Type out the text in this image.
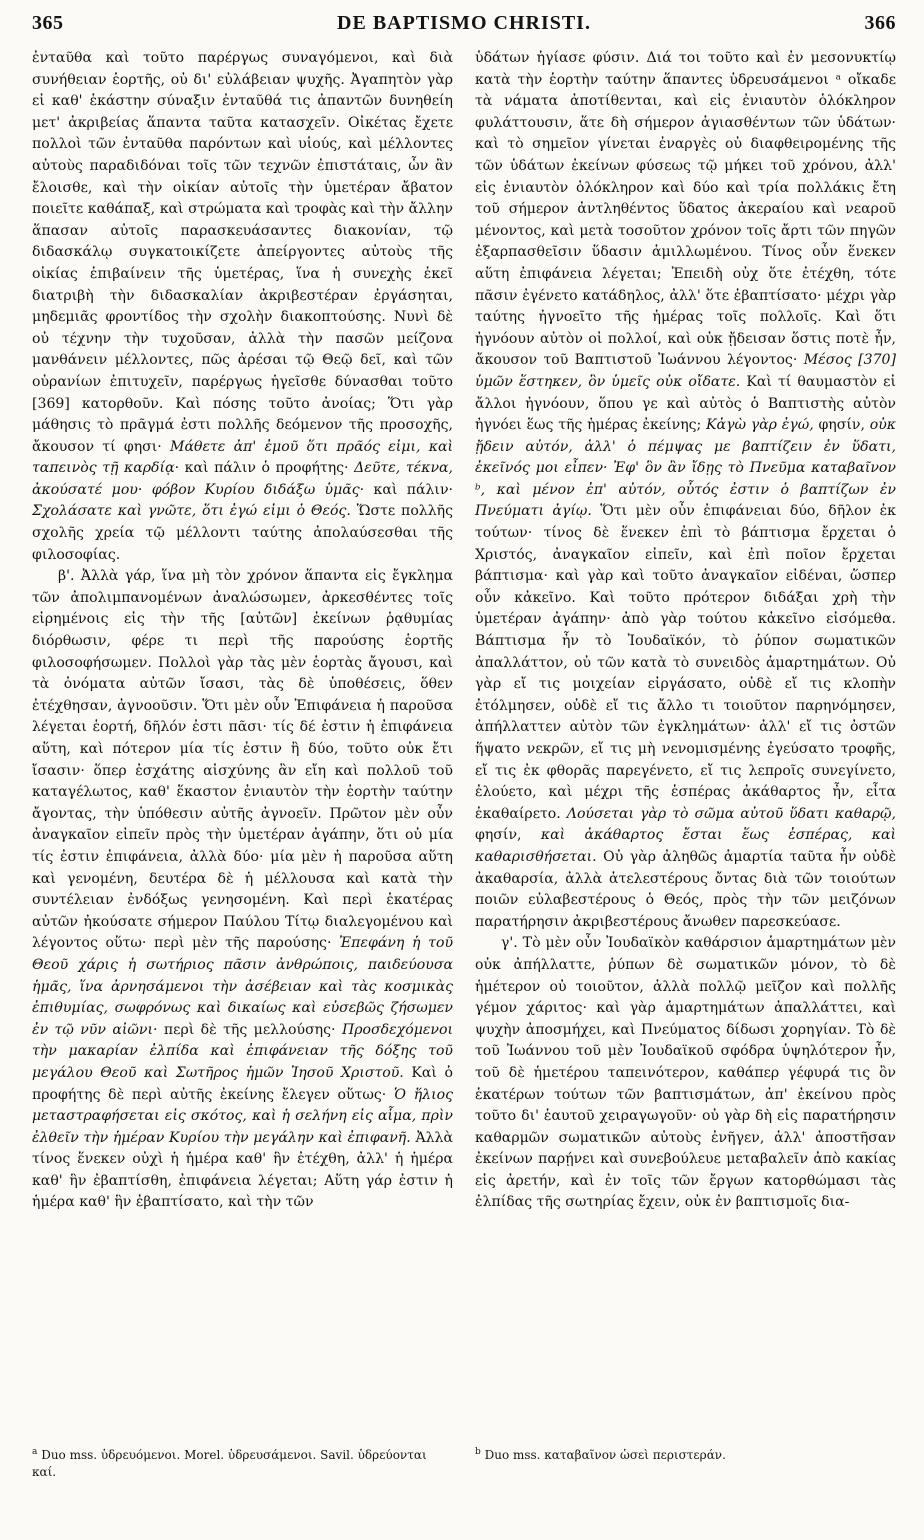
365	DE BAPTISMO CHRISTI.	366

ἐνταῦθα καὶ τοῦτο παρέργως συναγόμενοι, καὶ διὰ συνήθειαν ἑορτῆς, οὐ δι' εὐλάβειαν ψυχῆς. Ἀγαπητὸν γὰρ εἰ καθ' ἑκάστην σύναξιν ἐνταῦθά τις ἀπαντῶν δυνηθείη μετ' ἀκριβείας ἅπαντα ταῦτα κατασχεῖν. Οἰκέτας ἔχετε πολλοὶ τῶν ἐνταῦθα παρόντων καὶ υἱούς, καὶ μέλλοντες αὐτοὺς παραδιδόναι τοῖς τῶν τεχνῶν ἐπιστάταις, ὧν ἂν ἔλοισθε, καὶ τὴν οἰκίαν αὐτοῖς τὴν ὑμετέραν ἄβατον ποιεῖτε καθάπαξ, καὶ στρώματα καὶ τροφὰς καὶ τὴν ἄλλην ἅπασαν αὐτοῖς παρασκευάσαντες διακονίαν, τῷ διδασκάλῳ συγκατοικίζετε ἀπείργοντες αὐτοὺς τῆς οἰκίας ἐπιβαίνειν τῆς ὑμετέρας, ἵνα ἡ συνεχὴς ἐκεῖ διατριβὴ τὴν διδασκαλίαν ἀκριβεστέραν ἐργάσηται, μηδεμιᾶς φροντίδος τὴν σχολὴν διακοπτούσης. Νυνὶ δὲ οὐ τέχνην τὴν τυχοῦσαν, ἀλλὰ τὴν πασῶν μείζονα μανθάνειν μέλλοντες, πῶς ἀρέσαι τῷ Θεῷ δεῖ, καὶ τῶν οὐρανίων ἐπιτυχεῖν, παρέργως ἡγεῖσθε δύνασθαι τοῦτο [369] κατορθοῦν. Καὶ πόσης τοῦτο ἀνοίας; Ὅτι γὰρ μάθησις τὸ πρᾶγμά ἐστι πολλῆς δεόμενον τῆς προσοχῆς, ἄκουσον τί φησι· Μάθετε ἀπ' ἐμοῦ ὅτι πρᾶός εἰμι, καὶ ταπεινὸς τῇ καρδίᾳ· καὶ πάλιν ὁ προφήτης· Δεῦτε, τέκνα, ἀκούσατέ μου· φόβον Κυρίου διδάξω ὑμᾶς· καὶ πάλιν· Σχολάσατε καὶ γνῶτε, ὅτι ἐγώ εἰμι ὁ Θεός. Ὥστε πολλῆς σχολῆς χρεία τῷ μέλλοντι ταύτης ἀπολαύσεσθαι τῆς φιλοσοφίας.

β'. Ἀλλὰ γάρ, ἵνα μὴ τὸν χρόνον ἅπαντα εἰς ἔγκλημα τῶν ἀπολιμπανομένων ἀναλώσωμεν, ἀρκεσθέντες τοῖς εἰρημένοις εἰς τὴν τῆς [αὐτῶν] ἐκείνων ῥᾳθυμίας διόρθωσιν, φέρε τι περὶ τῆς παρούσης ἑορτῆς φιλοσοφήσωμεν. Πολλοὶ γὰρ τὰς μὲν ἑορτὰς ἄγουσι, καὶ τὰ ὀνόματα αὐτῶν ἴσασι, τὰς δὲ ὑποθέσεις, ὅθεν ἐτέχθησαν, ἀγνοοῦσιν. Ὅτι μὲν οὖν Ἐπιφάνεια ἡ παροῦσα λέγεται ἑορτή, δῆλόν ἐστι πᾶσι· τίς δέ ἐστιν ἡ ἐπιφάνεια αὕτη, καὶ πότερον μία τίς ἐστιν ἢ δύο, τοῦτο οὐκ ἔτι ἴσασιν· ὅπερ ἐσχάτης αἰσχύνης ἂν εἴη καὶ πολλοῦ τοῦ καταγέλωτος, καθ' ἕκαστον ἐνιαυτὸν τὴν ἑορτὴν ταύτην ἄγοντας, τὴν ὑπόθεσιν αὐτῆς ἀγνοεῖν. Πρῶτον μὲν οὖν ἀναγκαῖον εἰπεῖν πρὸς τὴν ὑμετέραν ἀγάπην, ὅτι οὐ μία τίς ἐστιν ἐπιφάνεια, ἀλλὰ δύο· μία μὲν ἡ παροῦσα αὕτη καὶ γενομένη, δευτέρα δὲ ἡ μέλλουσα καὶ κατὰ τὴν συντέλειαν ἐνδόξως γενησομένη. Καὶ περὶ ἑκατέρας αὐτῶν ἠκούσατε σήμερον Παύλου Τίτῳ διαλεγομένου καὶ λέγοντος οὕτω· περὶ μὲν τῆς παρούσης· Ἐπεφάνη ἡ τοῦ Θεοῦ χάρις ἡ σωτήριος πᾶσιν ἀνθρώποις, παιδεύουσα ἡμᾶς, ἵνα ἀρνησάμενοι τὴν ἀσέβειαν καὶ τὰς κοσμικὰς ἐπιθυμίας, σωφρόνως καὶ δικαίως καὶ εὐσεβῶς ζήσωμεν ἐν τῷ νῦν αἰῶνι· περὶ δὲ τῆς μελλούσης· Προσδεχόμενοι τὴν μακαρίαν ἐλπίδα καὶ ἐπιφάνειαν τῆς δόξης τοῦ μεγάλου Θεοῦ καὶ Σωτῆρος ἡμῶν Ἰησοῦ Χριστοῦ. Καὶ ὁ προφήτης δὲ περὶ αὐτῆς ἐκείνης ἔλεγεν οὕτως· Ὁ ἥλιος μεταστραφήσεται εἰς σκότος, καὶ ἡ σελήνη εἰς αἷμα, πρὶν ἐλθεῖν τὴν ἡμέραν Κυρίου τὴν μεγάλην καὶ ἐπιφανῆ. Ἀλλὰ τίνος ἕνεκεν οὐχὶ ἡ ἡμέρα καθ' ἣν ἐτέχθη, ἀλλ' ἡ ἡμέρα καθ' ἣν ἐβαπτίσθη, ἐπιφάνεια λέγεται; Αὕτη γάρ ἐστιν ἡ ἡμέρα καθ' ἣν ἐβαπτίσατο, καὶ τὴν τῶν

ὑδάτων ἡγίασε φύσιν. Διά τοι τοῦτο καὶ ἐν μεσονυκτίῳ κατὰ τὴν ἑορτὴν ταύτην ἅπαντες ὑδρευσάμενοι ᵃ οἴκαδε τὰ νάματα ἀποτίθενται, καὶ εἰς ἐνιαυτὸν ὁλόκληρον φυλάττουσιν, ἅτε δὴ σήμερον ἁγιασθέντων τῶν ὑδάτων· καὶ τὸ σημεῖον γίνεται ἐναργὲς οὐ διαφθειρομένης τῆς τῶν ὑδάτων ἐκείνων φύσεως τῷ μήκει τοῦ χρόνου, ἀλλ' εἰς ἐνιαυτὸν ὁλόκληρον καὶ δύο καὶ τρία πολλάκις ἔτη τοῦ σήμερον ἀντληθέντος ὕδατος ἀκεραίου καὶ νεαροῦ μένοντος, καὶ μετὰ τοσοῦτον χρόνον τοῖς ἄρτι τῶν πηγῶν ἐξαρπασθεῖσιν ὕδασιν ἁμιλλωμένου. Τίνος οὖν ἕνεκεν αὕτη ἐπιφάνεια λέγεται; Ἐπειδὴ οὐχ ὅτε ἐτέχθη, τότε πᾶσιν ἐγένετο κατάδηλος, ἀλλ' ὅτε ἐβαπτίσατο· μέχρι γὰρ ταύτης ἠγνοεῖτο τῆς ἡμέρας τοῖς πολλοῖς. Καὶ ὅτι ἠγνόουν αὐτὸν οἱ πολλοί, καὶ οὐκ ᾔδεισαν ὅστις ποτὲ ἦν, ἄκουσον τοῦ Βαπτιστοῦ Ἰωάννου λέγοντος· Μέσος [370] ὑμῶν ἕστηκεν, ὃν ὑμεῖς οὐκ οἴδατε. Καὶ τί θαυμαστὸν εἰ ἄλλοι ἠγνόουν, ὅπου γε καὶ αὐτὸς ὁ Βαπτιστὴς αὐτὸν ἠγνόει ἕως τῆς ἡμέρας ἐκείνης; Κἀγὼ γὰρ ἐγώ, φησίν, οὐκ ᾔδειν αὐτόν, ἀλλ' ὁ πέμψας με βαπτίζειν ἐν ὕδατι, ἐκεῖνός μοι εἶπεν· Ἐφ' ὃν ἂν ἴδῃς τὸ Πνεῦμα καταβαῖνον ᵇ, καὶ μένον ἐπ' αὐτόν, οὗτός ἐστιν ὁ βαπτίζων ἐν Πνεύματι ἁγίῳ. Ὅτι μὲν οὖν ἐπιφάνειαι δύο, δῆλον ἐκ τούτων· τίνος δὲ ἕνεκεν ἐπὶ τὸ βάπτισμα ἔρχεται ὁ Χριστός, ἀναγκαῖον εἰπεῖν, καὶ ἐπὶ ποῖον ἔρχεται βάπτισμα· καὶ γὰρ καὶ τοῦτο ἀναγκαῖον εἰδέναι, ὥσπερ οὖν κἀκεῖνο. Καὶ τοῦτο πρότερον διδάξαι χρὴ τὴν ὑμετέραν ἀγάπην· ἀπὸ γὰρ τούτου κἀκεῖνο εἰσόμεθα. Βάπτισμα ἦν τὸ Ἰουδαϊκόν, τὸ ῥύπον σωματικῶν ἀπαλλάττον, οὐ τῶν κατὰ τὸ συνειδὸς ἁμαρτημάτων. Οὐ γὰρ εἴ τις μοιχείαν εἰργάσατο, οὐδὲ εἴ τις κλοπὴν ἐτόλμησεν, οὐδὲ εἴ τις ἄλλο τι τοιοῦτον παρηνόμησεν, ἀπήλλαττεν αὐτὸν τῶν ἐγκλημάτων· ἀλλ' εἴ τις ὀστῶν ἥψατο νεκρῶν, εἴ τις μὴ νενομισμένης ἐγεύσατο τροφῆς, εἴ τις ἐκ φθορᾶς παρεγένετο, εἴ τις λεπροῖς συνεγίνετο, ἐλούετο, καὶ μέχρι τῆς ἑσπέρας ἀκάθαρτος ἦν, εἶτα ἐκαθαίρετο. Λούσεται γὰρ τὸ σῶμα αὐτοῦ ὕδατι καθαρῷ, φησίν, καὶ ἀκάθαρτος ἔσται ἕως ἑσπέρας, καὶ καθαρισθήσεται. Οὐ γὰρ ἀληθῶς ἁμαρτία ταῦτα ἦν οὐδὲ ἀκαθαρσία, ἀλλὰ ἀτελεστέρους ὄντας διὰ τῶν τοιούτων ποιῶν εὐλαβεστέρους ὁ Θεός, πρὸς τὴν τῶν μειζόνων παρατήρησιν ἀκριβεστέρους ἄνωθεν παρεσκεύασε.

γ'. Τὸ μὲν οὖν Ἰουδαϊκὸν καθάρσιον ἁμαρτημάτων μὲν οὐκ ἀπήλλαττε, ῥύπων δὲ σωματικῶν μόνον, τὸ δὲ ἡμέτερον οὐ τοιοῦτον, ἀλλὰ πολλῷ μεῖζον καὶ πολλῆς γέμον χάριτος· καὶ γὰρ ἁμαρτημάτων ἀπαλλάττει, καὶ ψυχὴν ἀποσμήχει, καὶ Πνεύματος δίδωσι χορηγίαν. Τὸ δὲ τοῦ Ἰωάννου τοῦ μὲν Ἰουδαϊκοῦ σφόδρα ὑψηλότερον ἦν, τοῦ δὲ ἡμετέρου ταπεινότερον, καθάπερ γέφυρά τις ὂν ἑκατέρων τούτων τῶν βαπτισμάτων, ἀπ' ἐκείνου πρὸς τοῦτο δι' ἑαυτοῦ χειραγωγοῦν· οὐ γὰρ δὴ εἰς παρατήρησιν καθαρμῶν σωματικῶν αὐτοὺς ἐνῆγεν, ἀλλ' ἀποστῆσαν ἐκείνων παρῄνει καὶ συνεβούλευε μεταβαλεῖν ἀπὸ κακίας εἰς ἀρετήν, καὶ ἐν τοῖς τῶν ἔργων κατορθώμασι τὰς ἐλπίδας τῆς σωτηρίας ἔχειν, οὐκ ἐν βαπτισμοῖς δια-

$^a$ Duo mss. ὑδρευόμενοι. Morel. ὑδρευσάμενοι. Savil. ὑδρεύονται καί.
$^b$ Duo mss. καταβαῖνον ὡσεὶ περιστεράν.
